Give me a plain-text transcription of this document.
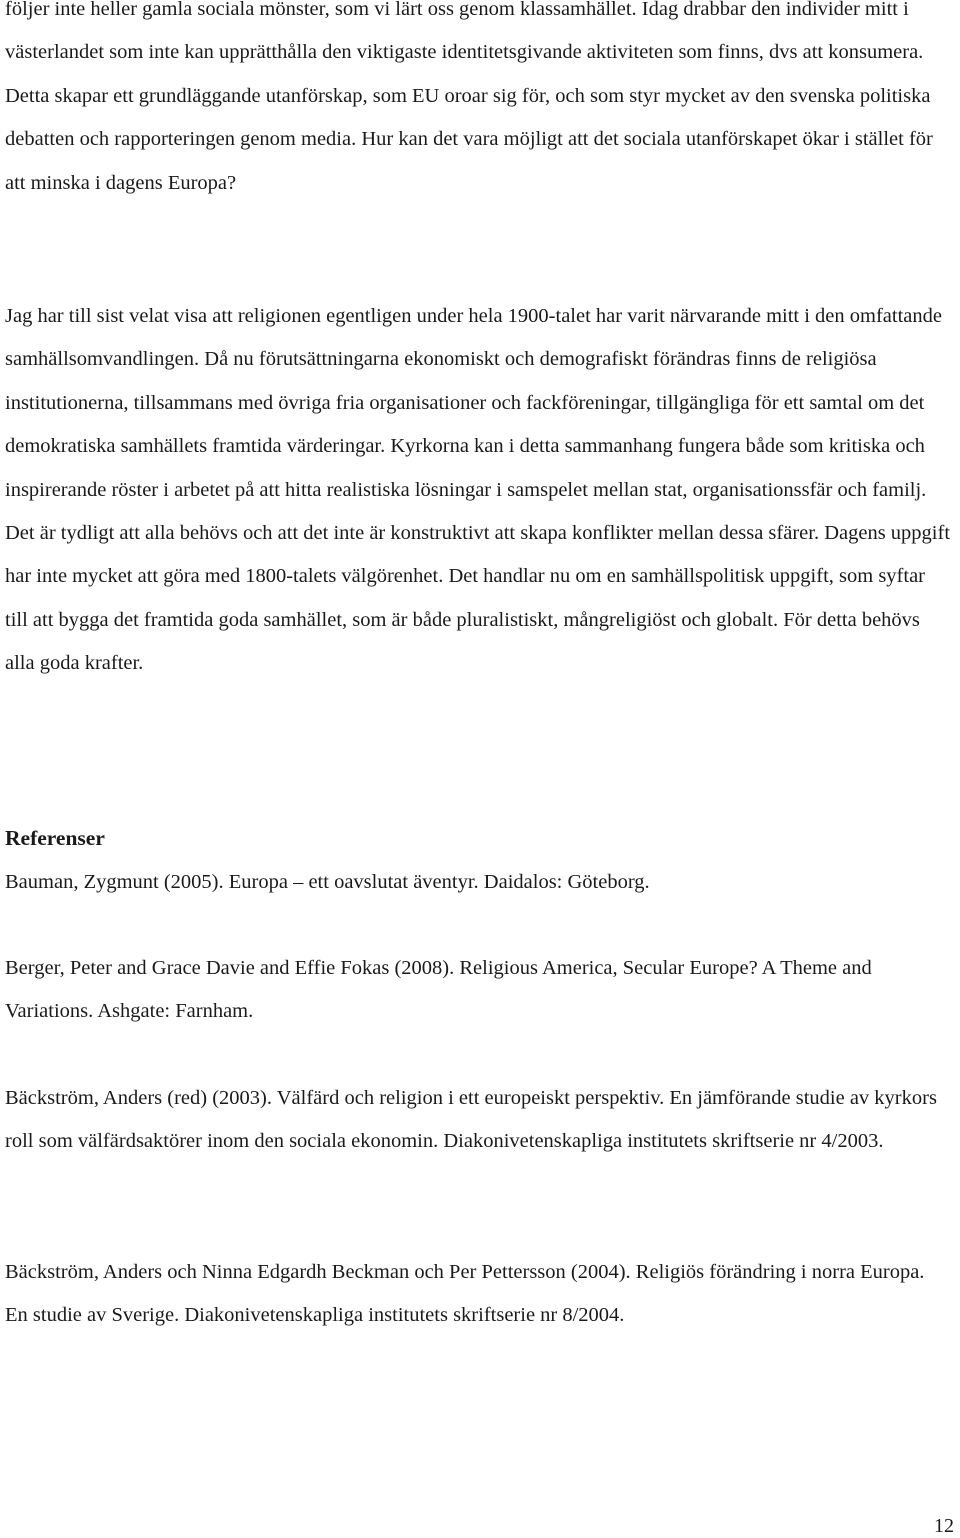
följer inte heller gamla sociala mönster, som vi lärt oss genom klassamhället. Idag drabbar den individer mitt i västerlandet som inte kan upprätthålla den viktigaste identitetsgivande aktiviteten som finns, dvs att konsumera. Detta skapar ett grundläggande utanförskap, som EU oroar sig för, och som styr mycket av den svenska politiska debatten och rapporteringen genom media. Hur kan det vara möjligt att det sociala utanförskapet ökar i stället för att minska i dagens Europa?

Jag har till sist velat visa att religionen egentligen under hela 1900-talet har varit närvarande mitt i den omfattande samhällsomvandlingen. Då nu förutsättningarna ekonomiskt och demografiskt förändras finns de religiösa institutionerna, tillsammans med övriga fria organisationer och fackföreningar, tillgängliga för ett samtal om det demokratiska samhällets framtida värderingar. Kyrkorna kan i detta sammanhang fungera både som kritiska och inspirerande röster i arbetet på att hitta realistiska lösningar i samspelet mellan stat, organisationssfär och familj. Det är tydligt att alla behövs och att det inte är konstruktivt att skapa konflikter mellan dessa sfärer. Dagens uppgift har inte mycket att göra med 1800-talets välgörenhet. Det handlar nu om en samhällspolitisk uppgift, som syftar till att bygga det framtida goda samhället, som är både pluralistiskt, mångreligiöst och globalt. För detta behövs alla goda krafter.

Referenser

Bauman, Zygmunt (2005). Europa – ett oavslutat äventyr. Daidalos: Göteborg.

Berger, Peter and Grace Davie and Effie Fokas (2008). Religious America, Secular Europe? A Theme and Variations. Ashgate: Farnham.

Bäckström, Anders (red) (2003). Välfärd och religion i ett europeiskt perspektiv. En jämförande studie av kyrkors roll som välfärdsaktörer inom den sociala ekonomin. Diakonivetenskapliga institutets skriftserie nr 4/2003.

Bäckström, Anders och Ninna Edgardh Beckman och Per Pettersson (2004). Religiös förändring i norra Europa. En studie av Sverige. Diakonivetenskapliga institutets skriftserie nr 8/2004.

12
